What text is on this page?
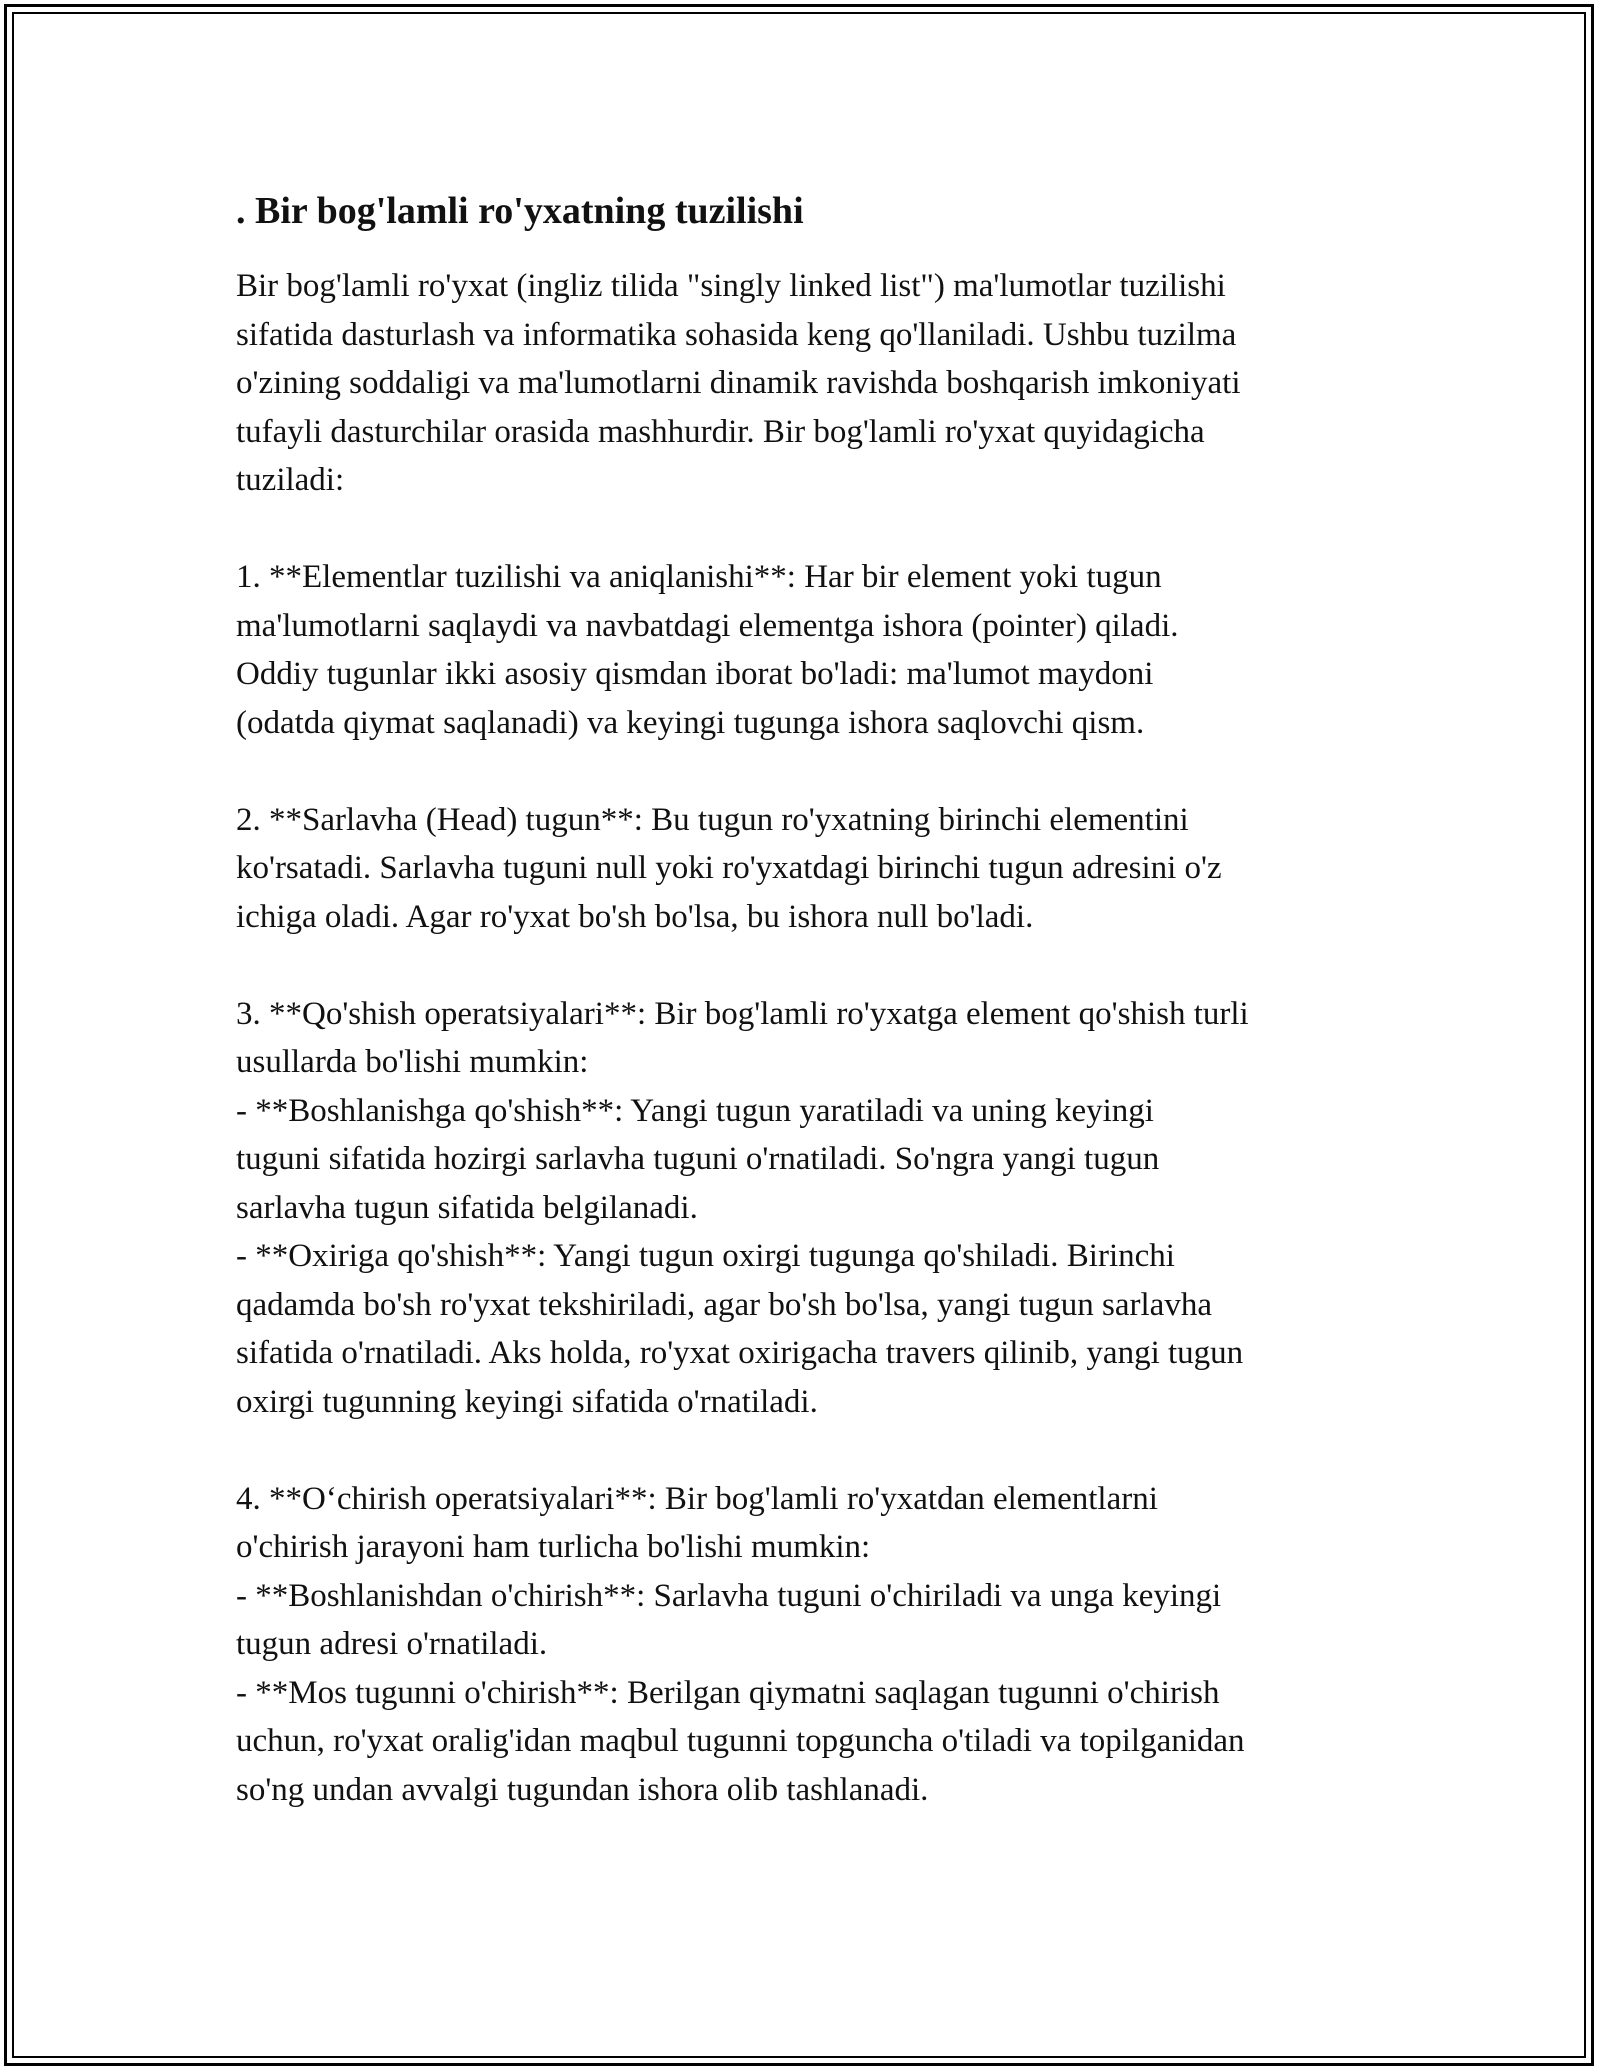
. Bir bog'lamli ro'yxatning tuzilishi

Bir bog'lamli ro'yxat (ingliz tilida "singly linked list") ma'lumotlar tuzilishi
sifatida dasturlash va informatika sohasida keng qo'llaniladi. Ushbu tuzilma
o'zining soddaligi va ma'lumotlarni dinamik ravishda boshqarish imkoniyati
tufayli dasturchilar orasida mashhurdir. Bir bog'lamli ro'yxat quyidagicha
tuziladi:

1. **Elementlar tuzilishi va aniqlanishi**: Har bir element yoki tugun
ma'lumotlarni saqlaydi va navbatdagi elementga ishora (pointer) qiladi.
Oddiy tugunlar ikki asosiy qismdan iborat bo'ladi: ma'lumot maydoni
(odatda qiymat saqlanadi) va keyingi tugunga ishora saqlovchi qism.

2. **Sarlavha (Head) tugun**: Bu tugun ro'yxatning birinchi elementini
ko'rsatadi. Sarlavha tuguni null yoki ro'yxatdagi birinchi tugun adresini o'z
ichiga oladi. Agar ro'yxat bo'sh bo'lsa, bu ishora null bo'ladi.

3. **Qo'shish operatsiyalari**: Bir bog'lamli ro'yxatga element qo'shish turli
usullarda bo'lishi mumkin:
- **Boshlanishga qo'shish**: Yangi tugun yaratiladi va uning keyingi
tuguni sifatida hozirgi sarlavha tuguni o'rnatiladi. So'ngra yangi tugun
sarlavha tugun sifatida belgilanadi.
- **Oxiriga qo'shish**: Yangi tugun oxirgi tugunga qo'shiladi. Birinchi
qadamda bo'sh ro'yxat tekshiriladi, agar bo'sh bo'lsa, yangi tugun sarlavha
sifatida o'rnatiladi. Aks holda, ro'yxat oxirigacha travers qilinib, yangi tugun
oxirgi tugunning keyingi sifatida o'rnatiladi.

4. **O‘chirish operatsiyalari**: Bir bog'lamli ro'yxatdan elementlarni
o'chirish jarayoni ham turlicha bo'lishi mumkin:
- **Boshlanishdan o'chirish**: Sarlavha tuguni o'chiriladi va unga keyingi
tugun adresi o'rnatiladi.
- **Mos tugunni o'chirish**: Berilgan qiymatni saqlagan tugunni o'chirish
uchun, ro'yxat oralig'idan maqbul tugunni topguncha o'tiladi va topilganidan
so'ng undan avvalgi tugundan ishora olib tashlanadi.
